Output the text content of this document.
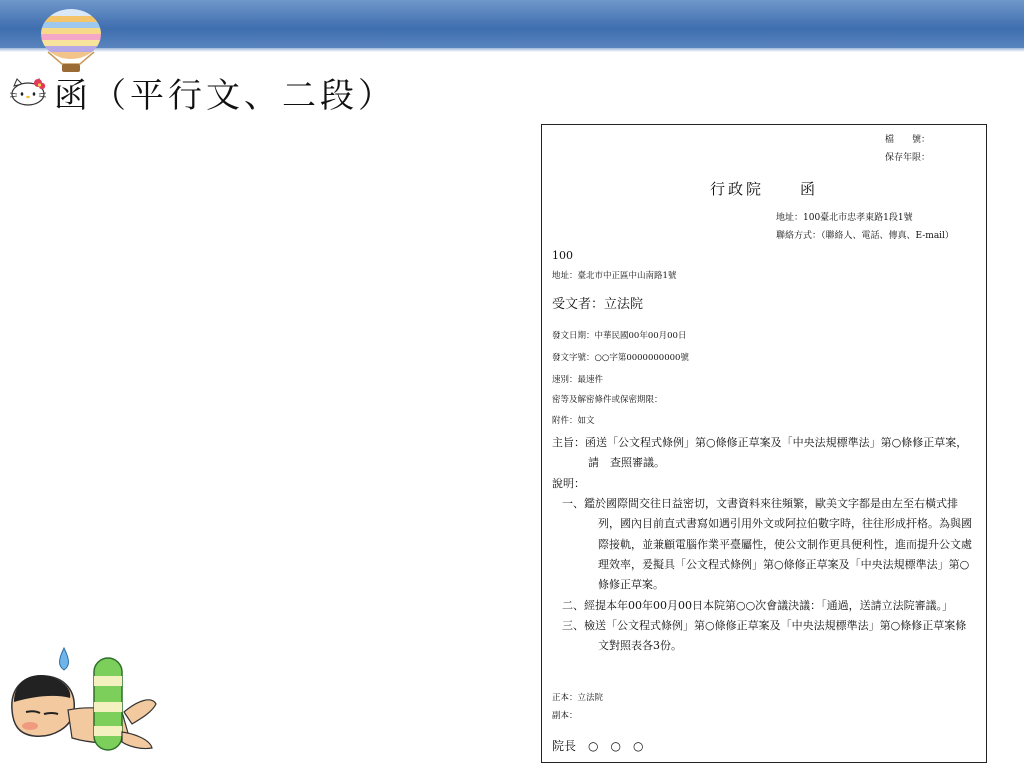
函（平行文、二段）
檔　　號：
保存年限：
行政院　　函
地址：100臺北市忠孝東路1段1號
聯絡方式：（聯絡人、電話、傳真、E-mail）
100
地址：臺北市中正區中山南路1號
受文者：立法院
發文日期：中華民國00年00月00日
發文字號：○○字第0000000000號
速別：最速件
密等及解密條件或保密期限：
附件：如文
主旨：函送「公文程式條例」第○條修正草案及「中央法規標準法」第○條修正草案，請　查照審議。
說明：
一、鑑於國際間交往日益密切，文書資料來往頻繁，歐美文字都是由左至右橫式排列，國內目前直式書寫如遇引用外文或阿拉伯數字時，往往形成扞格。為與國際接軌，並兼顧電腦作業平臺屬性，使公文制作更具便利性，進而提升公文處理效率，爰擬具「公文程式條例」第○條修正草案及「中央法規標準法」第○條修正草案。
二、經提本年00年00月00日本院第○○次會議決議：「通過，送請立法院審議。」
三、檢送「公文程式條例」第○條修正草案及「中央法規標準法」第○條修正草案條文對照表各3份。
正本：立法院
副本：
院長　○　○　○
